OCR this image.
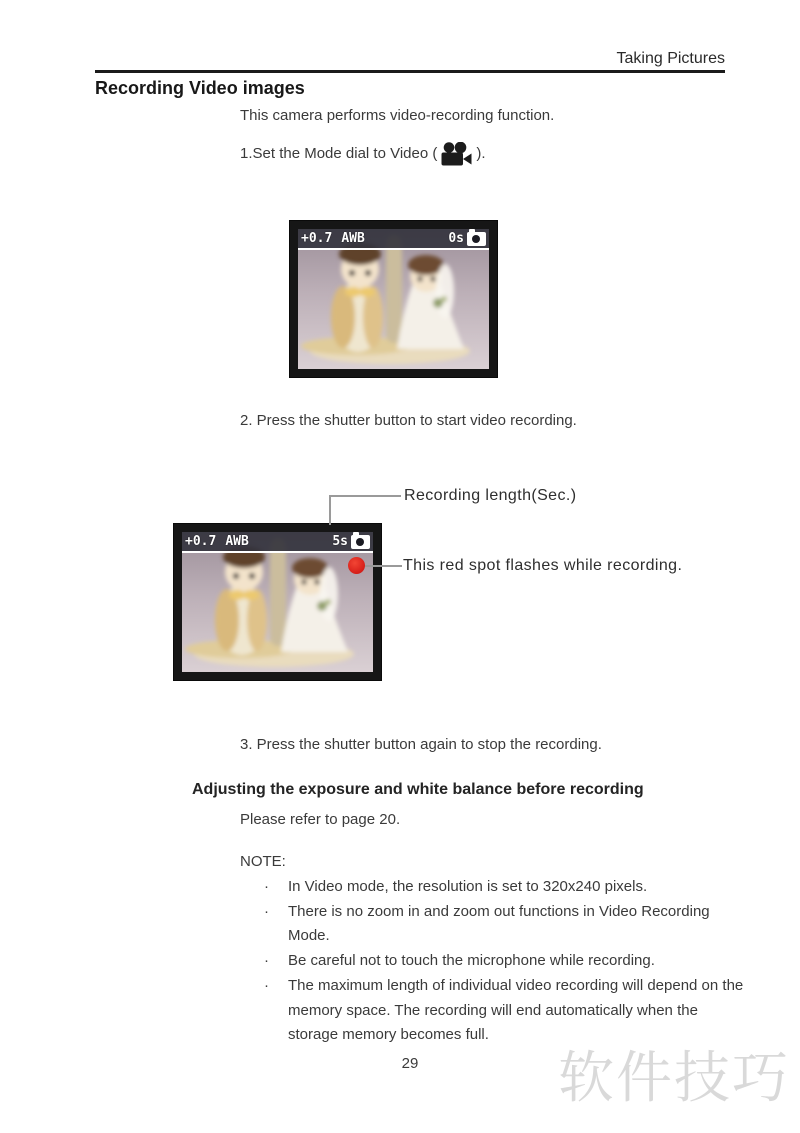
软件技巧
Taking Pictures
Recording Video images
This camera performs video-recording function.
1.Set the Mode dial to Video (	).
+0.7 AWB	0s
2. Press the shutter button to start video recording.
Recording length(Sec.)
+0.7 AWB	5s
This red spot flashes while recording.
3. Press the shutter button again to stop the recording.
Adjusting the exposure and white balance before recording
Please refer to page 20.
NOTE:
·	In Video mode, the resolution is set to 320x240 pixels.
·	There is no zoom in and zoom out functions in Video Recording Mode.
·	Be careful not to touch the microphone while recording.
·	The maximum length of individual video recording will depend on the memory space. The recording will end automatically when the storage memory becomes full.
29
